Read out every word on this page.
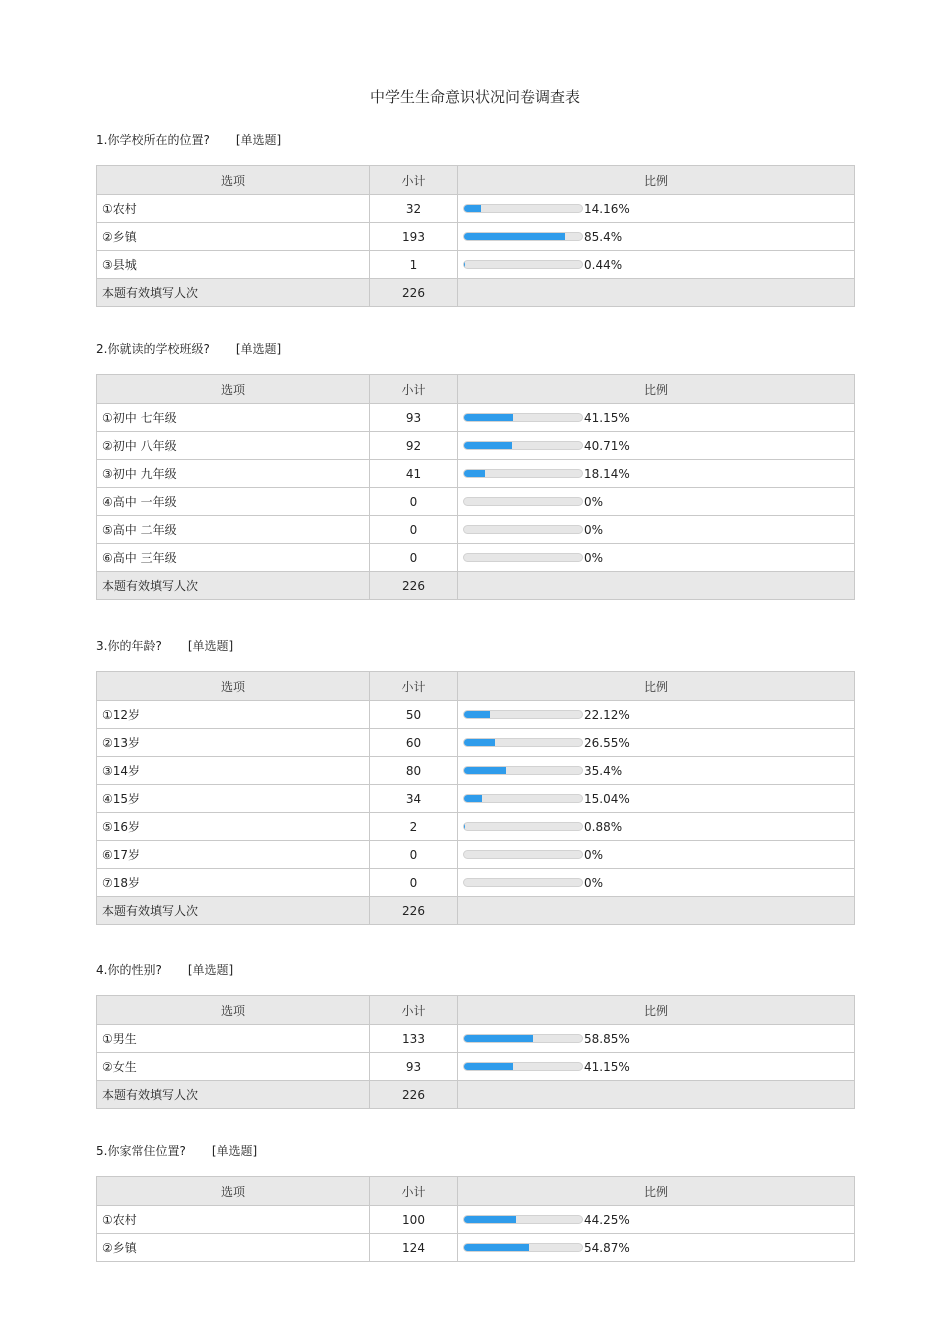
中学生生命意识状况问卷调查表
1.你学校所在的位置? [单选题]
选项	小计	比例
①农村	32	14.16%

②乡镇	193	85.4%

③县城	1	0.44%

本题有效填写人次	226	
2.你就读的学校班级? [单选题]
选项	小计	比例
①初中 七年级	93	41.15%

②初中 八年级	92	40.71%

③初中 九年级	41	18.14%

④高中 一年级	0	0%

⑤高中 二年级	0	0%

⑥高中 三年级	0	0%

本题有效填写人次	226	
3.你的年龄? [单选题]
选项	小计	比例
①12岁	50	22.12%

②13岁	60	26.55%

③14岁	80	35.4%

④15岁	34	15.04%

⑤16岁	2	0.88%

⑥17岁	0	0%

⑦18岁	0	0%

本题有效填写人次	226	
4.你的性别? [单选题]
选项	小计	比例
①男生	133	58.85%

②女生	93	41.15%

本题有效填写人次	226	
5.你家常住位置? [单选题]
选项	小计	比例
①农村	100	44.25%

②乡镇	124	54.87%
